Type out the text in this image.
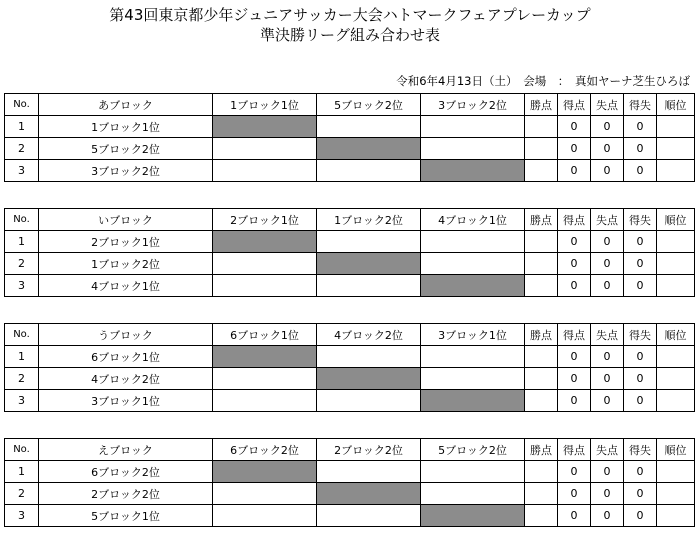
第43回東京都少年ジュニアサッカー大会ハトマークフェアプレーカップ
準決勝リーグ組み合わせ表
令和6年4月13日（土）　会場　：　真如ヤーナ芝生ひろば
No.	あブロック	1ブロック1位	5ブロック2位	3ブロック2位	勝点	得点	失点	得失	順位
1	1ブロック1位					0	0	0	
2	5ブロック2位					0	0	0	
3	3ブロック2位					0	0	0	
No.	いブロック	2ブロック1位	1ブロック2位	4ブロック1位	勝点	得点	失点	得失	順位
1	2ブロック1位					0	0	0	
2	1ブロック2位					0	0	0	
3	4ブロック1位					0	0	0	
No.	うブロック	6ブロック1位	4ブロック2位	3ブロック1位	勝点	得点	失点	得失	順位
1	6ブロック1位					0	0	0	
2	4ブロック2位					0	0	0	
3	3ブロック1位					0	0	0	
No.	えブロック	6ブロック2位	2ブロック2位	5ブロック2位	勝点	得点	失点	得失	順位
1	6ブロック2位					0	0	0	
2	2ブロック2位					0	0	0	
3	5ブロック1位					0	0	0	
